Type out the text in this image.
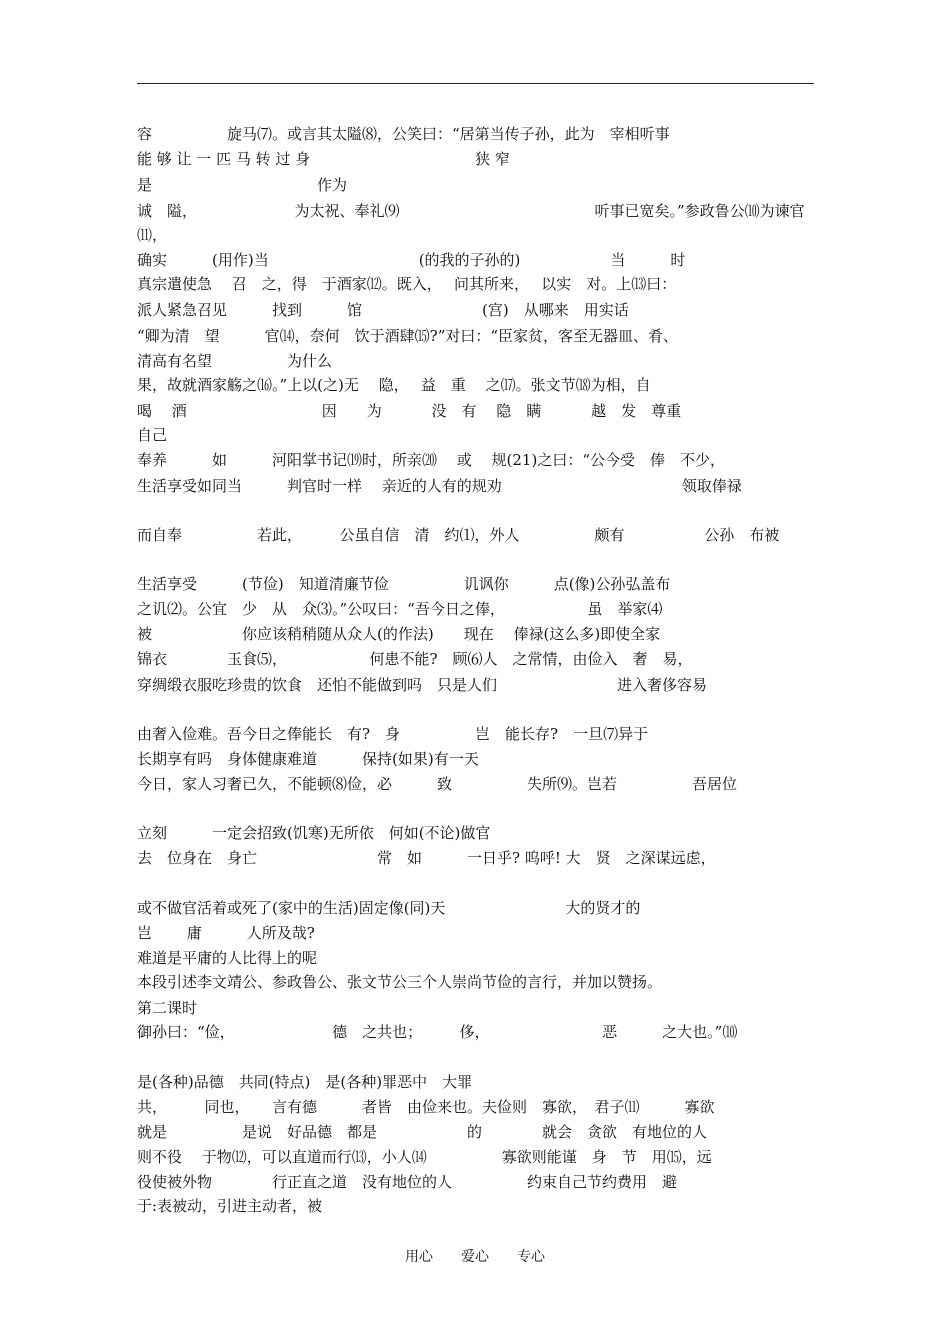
容　　　　　旋马⑺。或言其太隘⑻，公笑曰：“居第当传子孙，此为　宰相听事
能 够 让 一 匹 马 转 过 身　　　　　　　　　　　狭 窄
是　　　　　　　　　　　作为
诚　隘，　　　　　　　为太祝、奉礼⑼　　　　　　　　　　　　　听事已宽矣。”参政鲁公⑽为谏官⑾，
确实　　　(用作)当　　　　　　　　　　(的我的子孙的)　　　　　　当　　　时
真宗遣使急　 召　之，得　于酒家⑿。既入，　 问其所来，　 以实　对。上⒀曰：
派人紧急召见　　　找到　　　馆　　　　　　　　(宫)　从哪来　用实话
“卿为清　望　　　官⒁，奈何　饮于酒肆⒂?”对曰：“臣家贫，客至无器皿、肴、
清高有名望　　　　　为什么
果，故就酒家觞之⒃。”上以(之)无　 隐，　 益　重　 之⒄。张文节⒅为相，自
喝　 酒　　　　　　　　　因　　为　　　 没　有　 隐　瞒　　　 越　发　尊重　　　　　　　　　　　　　自己
奉养　　　如　　　河阳掌书记⒆时，所亲⒇　 或　 规(21)之曰：“公今受　俸　不少，
生活享受如同当　　　判官时一样　 亲近的人有的规劝　　　　　　　　　　　　领取俸禄
而自奉　　　　　若此，　　　公虽自信　清　约⑴，外人　　　　　颇有　　　　　 公孙　布被
生活享受　　　(节俭)　知道清廉节俭　　　　　讥讽你　　　点(像)公孙弘盖布
之讥⑵。公宜　少　从　众⑶。”公叹曰：“吾今日之俸，　　　　　　虽　举家⑷
被　　　　　　你应该稍稍随从众人(的作法)　　现在　 俸禄(这么多)即使全家
锦衣　　　　玉食⑸，　　　　　　何患不能?　顾⑹人　之常情，由俭入　奢　易，
穿绸缎衣服吃珍贵的饮食　还怕不能做到吗　只是人们　　　　　　　　进入奢侈容易
由奢入俭难。吾今日之俸能长　有?　身　　　　　岂　能长存?　一旦⑺异于
长期享有吗　身体健康难道　　　保持(如果)有一天
今日，家人习奢已久，不能顿⑻俭，必　　　致　　　　　失所⑼。岂若　　　　　吾居位
立刻　　　一定会招致(饥寒)无所依　何如(不论)做官
去　位身在　身亡　　　　　　　　常　如　　　一日乎? 呜呼! 大　贤　之深谋远虑，
或不做官活着或死了(家中的生活)固定像(同)天　　　　　　　　大的贤才的
岂　　 庸　　　人所及哉?
难道是平庸的人比得上的呢
本段引述李文靖公、参政鲁公、张文节公三个人崇尚节俭的言行，并加以赞扬。
第二课时
御孙曰：“俭，　　　　　　　德　之共也；　　　侈，　　　　　　　　恶　　　之大也。”⑽
是(各种)品德　共同(特点)　是(各种)罪恶中　大罪
共，　　　同也，　　言有德　　　者皆　由俭来也。夫俭则　寡欲，　君子⑾　　　寡欲
就是　　　　　是说　好品德　都是　　　　　　的　　　　就会　贪欲　有地位的人
则不役　 于物⑿，可以直道而行⒀，小人⒁　　　　　寡欲则能谨　身　节　用⒂，远
役使被外物　　　　行正直之道　没有地位的人　　　　　约束自己节约费用　避
于:表被动，引进主动者，被
用心　　爱心　　专心
